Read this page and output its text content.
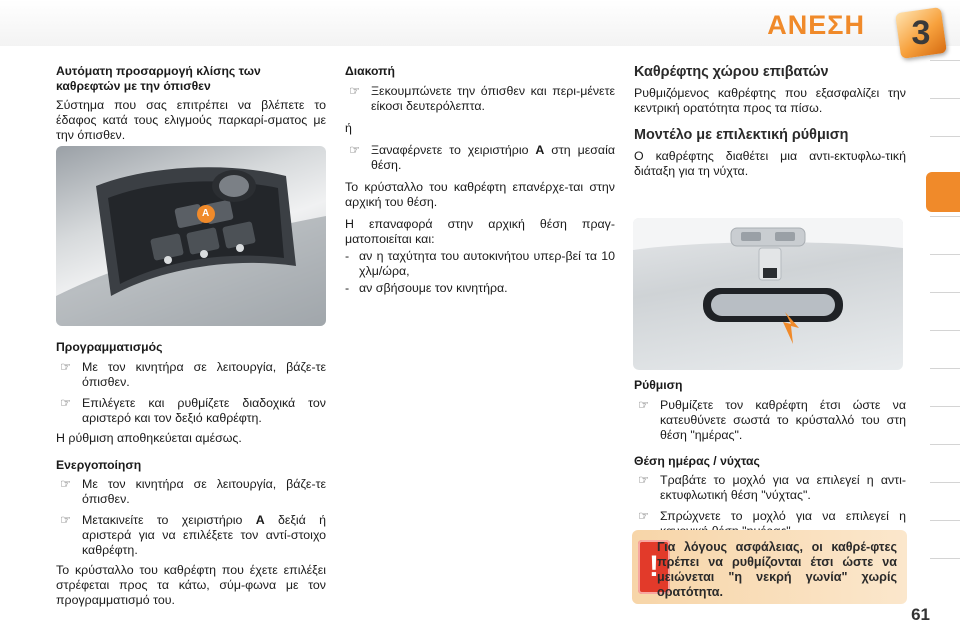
ΑΝΕΣΗ	3

Αυτόματη προσαρμογή κλίσης των καθρεφτών με την όπισθεν

Σύστημα που σας επιτρέπει να βλέπετε το έδαφος κατά τους ελιγμούς παρκαρί-σματος με την όπισθεν.

A

Προγραμματισμός

☞ Με τον κινητήρα σε λειτουργία, βάζε-τε όπισθεν.
☞ Επιλέγετε και ρυθμίζετε διαδοχικά τον αριστερό και τον δεξιό καθρέφτη.

Η ρύθμιση αποθηκεύεται αμέσως.

Ενεργοποίηση

☞ Με τον κινητήρα σε λειτουργία, βάζε-τε όπισθεν.
☞ Μετακινείτε το χειριστήριο A δεξιά ή αριστερά για να επιλέξετε τον αντί-στοιχο καθρέφτη.

Το κρύσταλλο του καθρέφτη που έχετε επιλέξει στρέφεται προς τα κάτω, σύμ-φωνα με τον προγραμματισμό του.

Διακοπή

☞ Ξεκουμπώνετε την όπισθεν και περι-μένετε είκοσι δευτερόλεπτα.

ή

☞ Ξαναφέρνετε το χειριστήριο A στη μεσαία θέση.

Το κρύσταλλο του καθρέφτη επανέρχε-ται στην αρχική του θέση.

Η επαναφορά στην αρχική θέση πραγ-ματοποιείται και:

- αν η ταχύτητα του αυτοκινήτου υπερ-βεί τα 10 χλμ/ώρα,
- αν σβήσουμε τον κινητήρα.

Καθρέφτης χώρου επιβατών

Ρυθμιζόμενος καθρέφτης που εξασφαλίζει την κεντρική ορατότητα προς τα πίσω.

Μοντέλο με επιλεκτική ρύθμιση

Ο καθρέφτης διαθέτει μια αντι-εκτυφλω-τική διάταξη για τη νύχτα.

Ρύθμιση

☞ Ρυθμίζετε τον καθρέφτη έτσι ώστε να κατευθύνετε σωστά το κρύσταλλό του στη θέση "ημέρας".

Θέση ημέρας / νύχτας

☞ Τραβάτε το μοχλό για να επιλεγεί η αντι-εκτυφλωτική θέση "νύχτας".
☞ Σπρώχνετε το μοχλό για να επιλεγεί η
!
Για λόγους ασφάλειας, οι καθρέ-φτες πρέπει να ρυθμίζονται έτσι ώστε να μειώνεται "η νεκρή γωνία" χωρίς ορατότητα.
61
